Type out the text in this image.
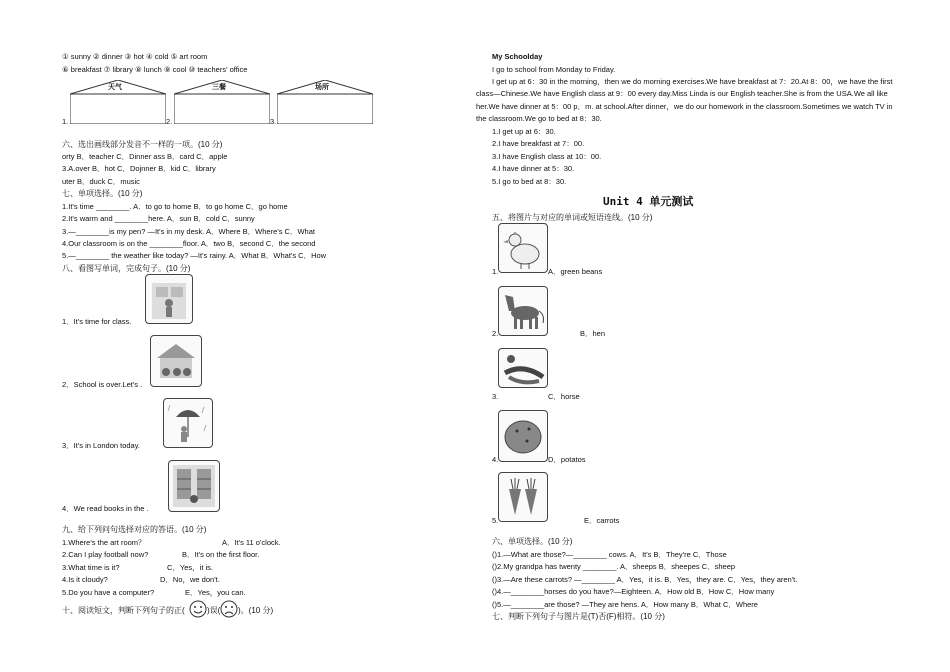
① sunny ② dinner ③ hot ④ cold ⑤ art room
⑥ breakfast ⑦ library ⑧ lunch ⑨ cool ⑩ teachers' office
天气
1.
三餐
2.
场所
3.
六、选出画线部分发音不一样的一项。(10 分)
orty B．teacher C．Dinner ass B．card C．apple
3.A.over B．hot C．Dojnner B．kid C．library
uter B．duck C．music
七、单项选择。(10 分)
1.It's time ________. A．to go to home B．to go home C．go home
2.It's warm and ________here. A．sun B．cold C．sunny
3.—________is my pen? —It's in my desk. A．Where B．Where's C．What
4.Our classroom is on the ________floor. A．two B．second C．the second
5.—________ the weather like today? —It's rainy. A．What B．What's C．How
八、看图写单词，完成句子。(10 分)
1．It's time for class.
2．School is over.Let's .
3．It's in London today.
4．We read books in the .
九、给下列问句选择对应的答语。(10 分)
1.Where's the art room？	A．It's 11 o'clock.
2.Can I play football now?	B．It's on the first floor.
3.What time is it?	C．Yes，it is.
4.Is it cloudy?	D．No，we don't.
5.Do you have a computer?	E．Yes，you can.
十、阅读短文，判断下列句子的正(	)误( )。(10 分)
My Schoolday
I go to school from Monday to Friday.
I get up at 6：30 in the morning，then we do morning exercises.We have breakfast at 7：20.At 8：00，we have the first
class—Chinese.We have English class at 9：00 every day.Miss Linda is our English teacher.She is from the USA.We all like
her.We have dinner at 5：00 p．m. at school.After dinner，we do our homework in the classroom.Sometimes we watch TV in
the classroom.We go to bed at 8：30.
1.I get up at 6：30.
2.I have breakfast at 7：00.
3.I have English class at 10：00.
4.I have dinner at 5：30.
5.I go to bed at 8：30.
Unit 4 单元测试
五、将图片与对应的单词或短语连线。(10 分)
1.	A．green beans
2.	B．hen
3.	C．horse
4.	D．potatos
5.	E．carrots
六、单项选择。(10 分)
()1.—What are those?—________ cows. A．It's B．They're C．Those
()2.My grandpa has twenty ________. A．sheeps B．sheepes C．sheep
()3.—Are these carrots? —________ A．Yes，it is. B．Yes，they are. C．Yes，they aren't.
()4.—________horses do you have?—Eighteen. A．How old B．How C．How many
()5.—________are those? —They are hens. A．How many B．What C．Where
七、判断下列句子与图片是(T)否(F)相符。(10 分)
